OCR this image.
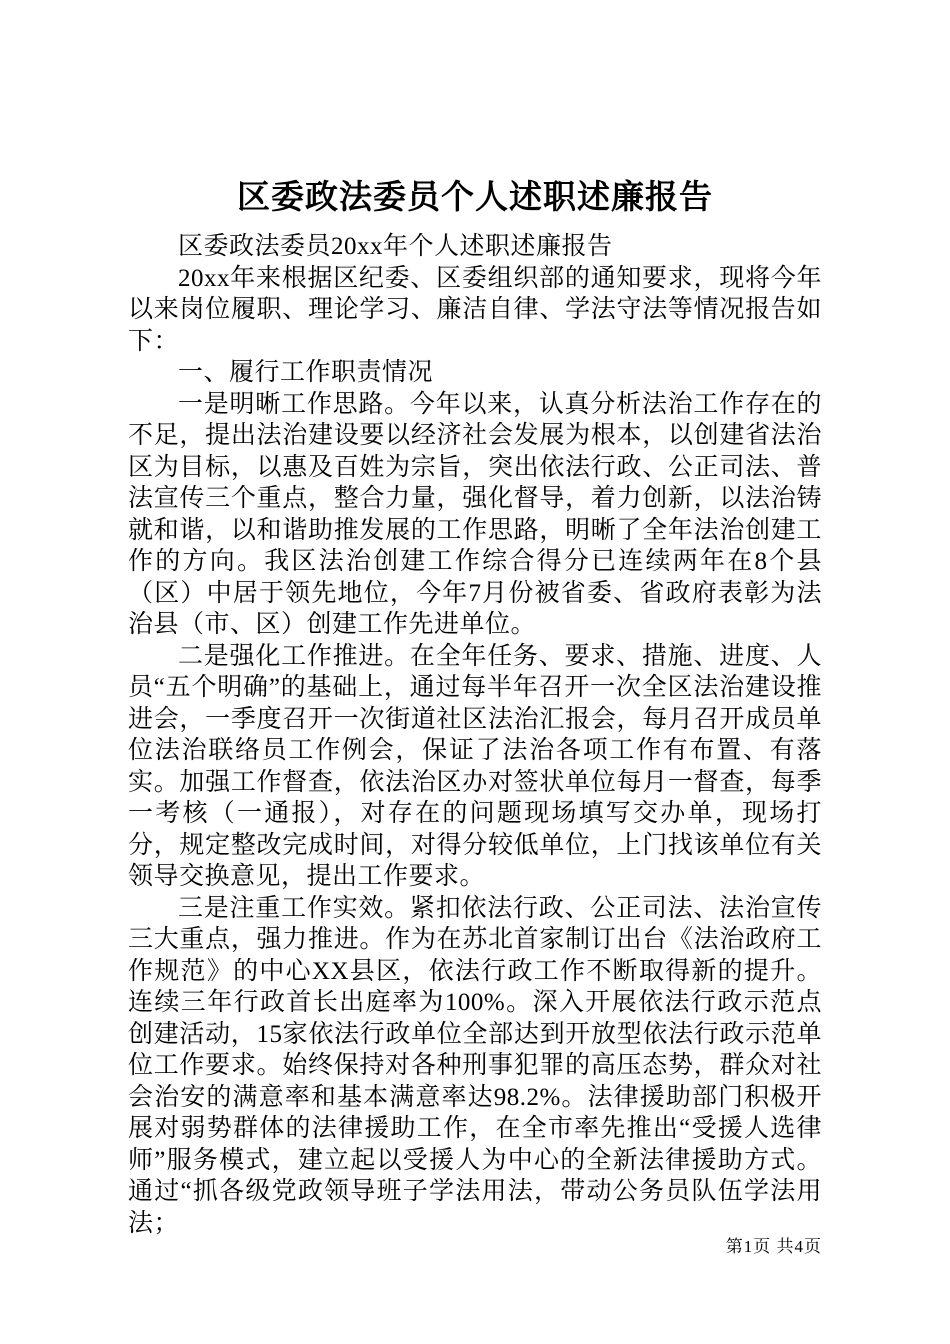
区委政法委员个人述职述廉报告

区委政法委员20xx年个人述职述廉报告

20xx年来根据区纪委、区委组织部的通知要求，现将今年以来岗位履职、理论学习、廉洁自律、学法守法等情况报告如下：

一、履行工作职责情况

一是明晰工作思路。今年以来，认真分析法治工作存在的不足，提出法治建设要以经济社会发展为根本，以创建省法治区为目标，以惠及百姓为宗旨，突出依法行政、公正司法、普法宣传三个重点，整合力量，强化督导，着力创新，以法治铸就和谐，以和谐助推发展的工作思路，明晰了全年法治创建工作的方向。我区法治创建工作综合得分已连续两年在8个县（区）中居于领先地位，今年7月份被省委、省政府表彰为法治县（市、区）创建工作先进单位。

二是强化工作推进。在全年任务、要求、措施、进度、人员“五个明确”的基础上，通过每半年召开一次全区法治建设推进会，一季度召开一次街道社区法治汇报会，每月召开成员单位法治联络员工作例会，保证了法治各项工作有布置、有落实。加强工作督查，依法治区办对签状单位每月一督查，每季一考核（一通报），对存在的问题现场填写交办单，现场打分，规定整改完成时间，对得分较低单位，上门找该单位有关领导交换意见，提出工作要求。

三是注重工作实效。紧扣依法行政、公正司法、法治宣传三大重点，强力推进。作为在苏北首家制订出台《法治政府工作规范》的中心XX县区，依法行政工作不断取得新的提升。连续三年行政首长出庭率为100%。深入开展依法行政示范点创建活动，15家依法行政单位全部达到开放型依法行政示范单位工作要求。始终保持对各种刑事犯罪的高压态势，群众对社会治安的满意率和基本满意率达98.2%。法律援助部门积极开展对弱势群体的法律援助工作，在全市率先推出“受援人选律师”服务模式，建立起以受援人为中心的全新法律援助方式。通过“抓各级党政领导班子学法用法，带动公务员队伍学法用法；

第1页 共4页
